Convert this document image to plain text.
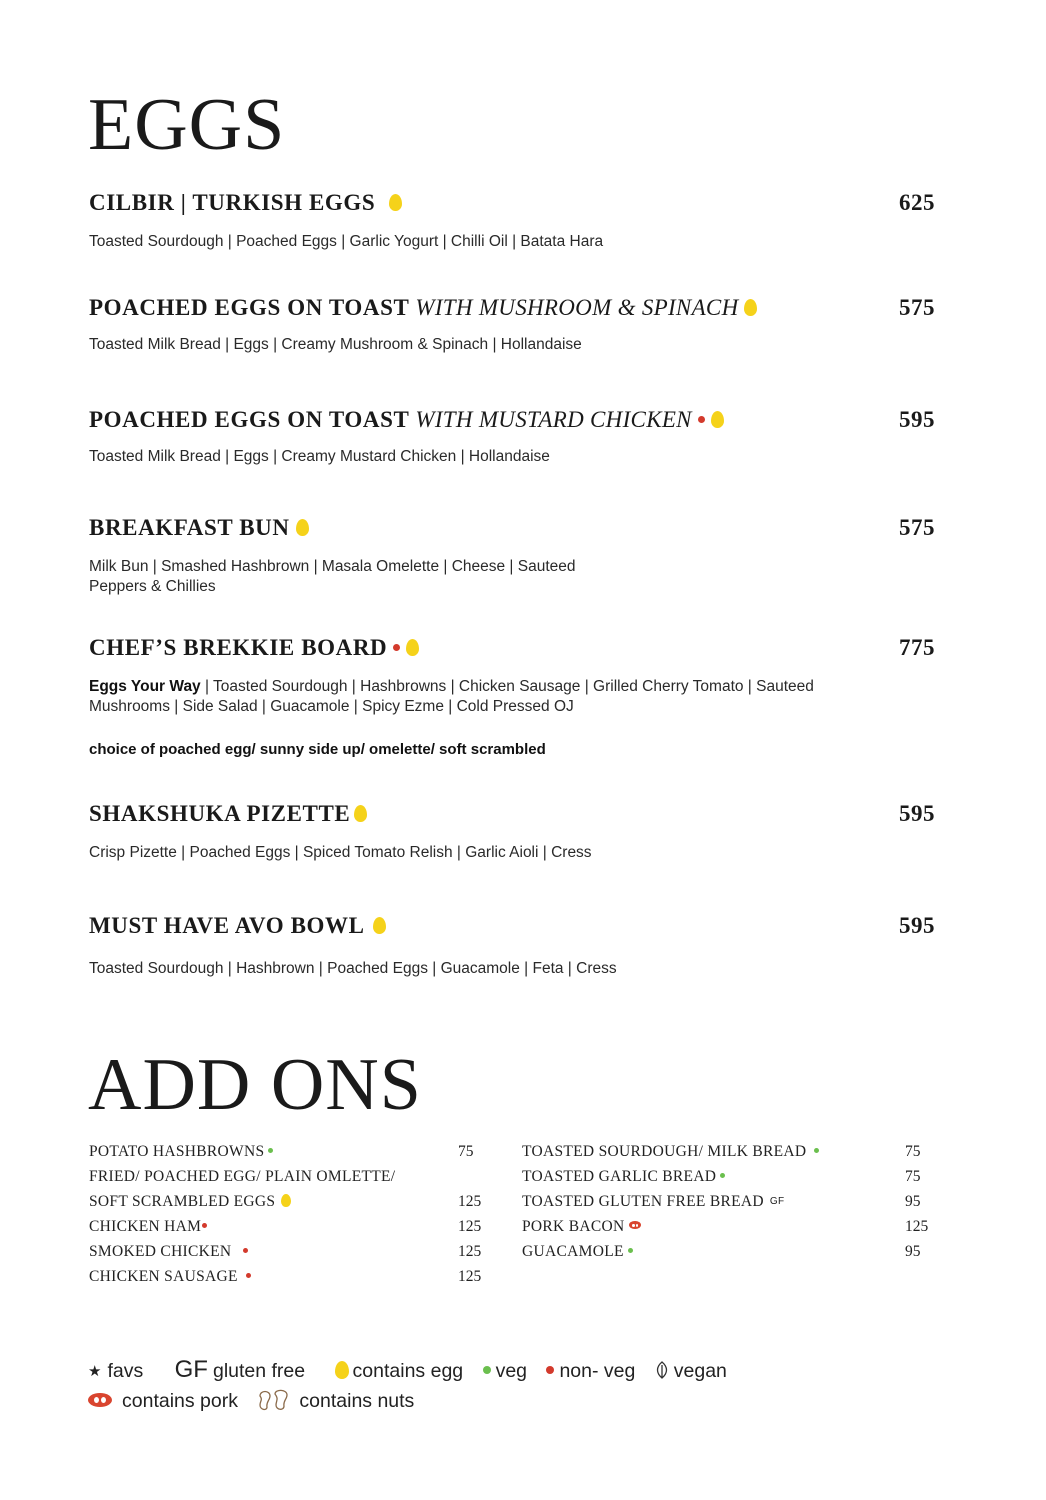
EGGS
CILBIR | TURKISH EGGS	625
Toasted Sourdough | Poached Eggs | Garlic Yogurt | Chilli Oil | Batata Hara
POACHED EGGS ON TOAST WITH MUSHROOM & SPINACH	575
Toasted Milk Bread | Eggs | Creamy Mushroom & Spinach | Hollandaise
POACHED EGGS ON TOAST WITH MUSTARD CHICKEN	595
Toasted Milk Bread | Eggs | Creamy Mustard Chicken | Hollandaise
BREAKFAST BUN	575
Milk Bun | Smashed Hashbrown | Masala Omelette | Cheese | Sauteed Peppers & Chillies
CHEF’S BREKKIE BOARD	775
Eggs Your Way | Toasted Sourdough | Hashbrowns | Chicken Sausage | Grilled Cherry Tomato | Sauteed Mushrooms | Side Salad | Guacamole | Spicy Ezme | Cold Pressed OJ
choice of poached egg/ sunny side up/ omelette/ soft scrambled
SHAKSHUKA PIZETTE	595
Crisp Pizette | Poached Eggs | Spiced Tomato Relish | Garlic Aioli | Cress
MUST HAVE AVO BOWL	595
Toasted Sourdough | Hashbrown | Poached Eggs | Guacamole | Feta | Cress
ADD ONS
POTATO HASHBROWNS	75
FRIED/ POACHED EGG/ PLAIN OMLETTE/
SOFT SCRAMBLED EGGS	125
CHICKEN HAM	125
SMOKED CHICKEN	125
CHICKEN SAUSAGE	125
TOASTED SOURDOUGH/ MILK BREAD	75
TOASTED GARLIC BREAD	75
TOASTED GLUTEN FREE BREAD $^{GF}$	95
PORK BACON	125
GUACAMOLE	95
★ favs GF gluten free contains egg veg non- veg vegan
contains pork	contains nuts
